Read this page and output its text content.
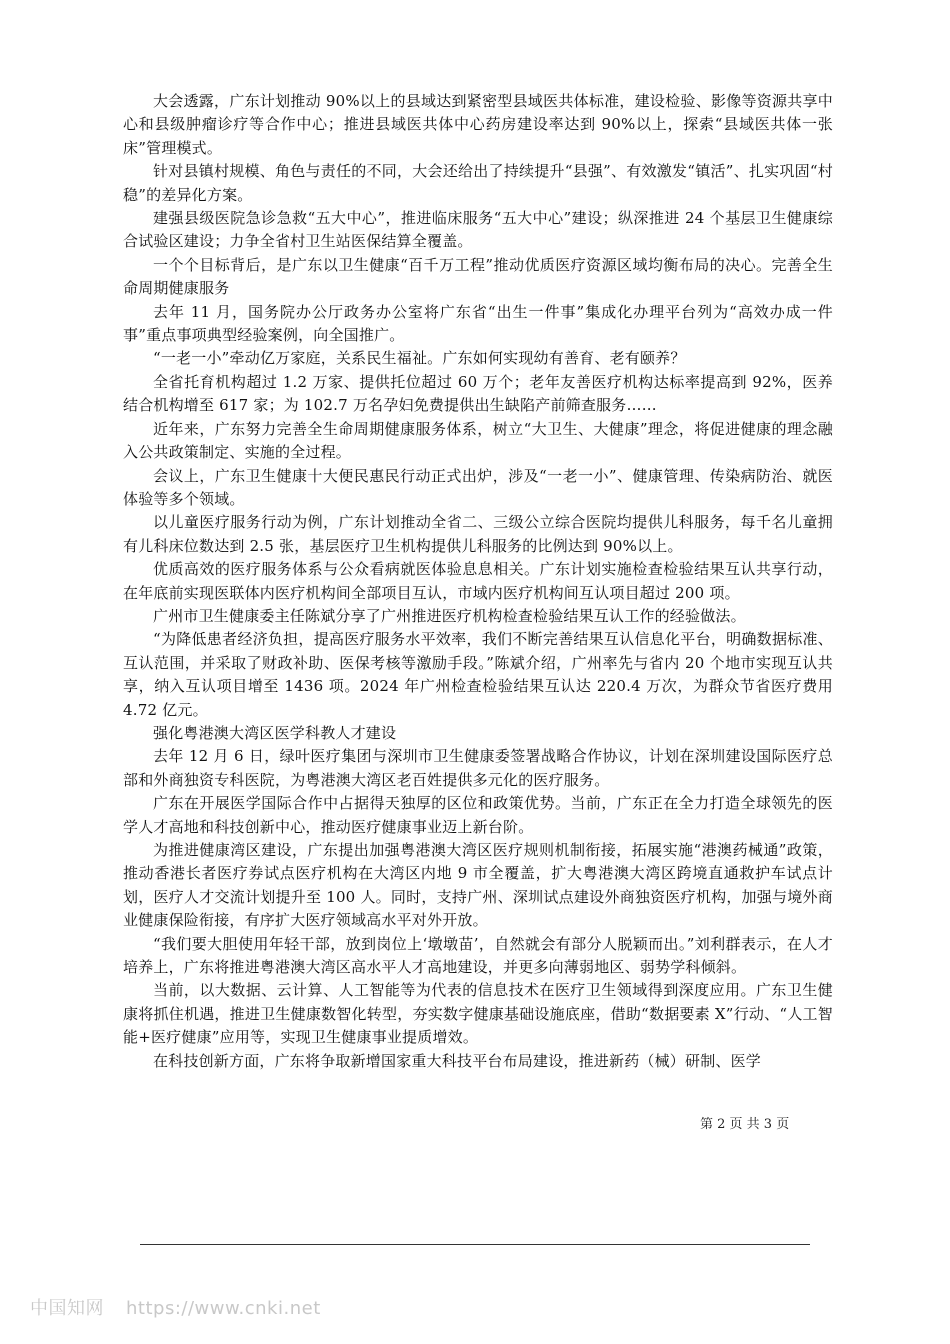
大会透露，广东计划推动 90%以上的县域达到紧密型县域医共体标准，建设检验、影像等资源共享中心和县级肿瘤诊疗等合作中心；推进县域医共体中心药房建设率达到 90%以上，探索“县域医共体一张床”管理模式。

针对县镇村规模、角色与责任的不同，大会还给出了持续提升“县强”、有效激发“镇活”、扎实巩固“村稳”的差异化方案。

建强县级医院急诊急救“五大中心”，推进临床服务“五大中心”建设；纵深推进 24 个基层卫生健康综合试验区建设；力争全省村卫生站医保结算全覆盖。

一个个目标背后，是广东以卫生健康“百千万工程”推动优质医疗资源区域均衡布局的决心。完善全生命周期健康服务

去年 11 月，国务院办公厅政务办公室将广东省“出生一件事”集成化办理平台列为“高效办成一件事”重点事项典型经验案例，向全国推广。

“一老一小”牵动亿万家庭，关系民生福祉。广东如何实现幼有善育、老有颐养？

全省托育机构超过 1.2 万家、提供托位超过 60 万个；老年友善医疗机构达标率提高到 92%，医养结合机构增至 617 家；为 102.7 万名孕妇免费提供出生缺陷产前筛查服务……

近年来，广东努力完善全生命周期健康服务体系，树立“大卫生、大健康”理念，将促进健康的理念融入公共政策制定、实施的全过程。

会议上，广东卫生健康十大便民惠民行动正式出炉，涉及“一老一小”、健康管理、传染病防治、就医体验等多个领域。

以儿童医疗服务行动为例，广东计划推动全省二、三级公立综合医院均提供儿科服务，每千名儿童拥有儿科床位数达到 2.5 张，基层医疗卫生机构提供儿科服务的比例达到 90%以上。

优质高效的医疗服务体系与公众看病就医体验息息相关。广东计划实施检查检验结果互认共享行动，在年底前实现医联体内医疗机构间全部项目互认，市域内医疗机构间互认项目超过 200 项。

广州市卫生健康委主任陈斌分享了广州推进医疗机构检查检验结果互认工作的经验做法。

“为降低患者经济负担，提高医疗服务水平效率，我们不断完善结果互认信息化平台，明确数据标准、互认范围，并采取了财政补助、医保考核等激励手段。”陈斌介绍，广州率先与省内 20 个地市实现互认共享，纳入互认项目增至 1436 项。2024 年广州检查检验结果互认达 220.4 万次，为群众节省医疗费用 4.72 亿元。

强化粤港澳大湾区医学科教人才建设

去年 12 月 6 日，绿叶医疗集团与深圳市卫生健康委签署战略合作协议，计划在深圳建设国际医疗总部和外商独资专科医院，为粤港澳大湾区老百姓提供多元化的医疗服务。

广东在开展医学国际合作中占据得天独厚的区位和政策优势。当前，广东正在全力打造全球领先的医学人才高地和科技创新中心，推动医疗健康事业迈上新台阶。

为推进健康湾区建设，广东提出加强粤港澳大湾区医疗规则机制衔接，拓展实施“港澳药械通”政策，推动香港长者医疗券试点医疗机构在大湾区内地 9 市全覆盖，扩大粤港澳大湾区跨境直通救护车试点计划，医疗人才交流计划提升至 100 人。同时，支持广州、深圳试点建设外商独资医疗机构，加强与境外商业健康保险衔接，有序扩大医疗领域高水平对外开放。

“我们要大胆使用年轻干部，放到岗位上‘墩墩苗’，自然就会有部分人脱颖而出。”刘利群表示，在人才培养上，广东将推进粤港澳大湾区高水平人才高地建设，并更多向薄弱地区、弱势学科倾斜。

当前，以大数据、云计算、人工智能等为代表的信息技术在医疗卫生领域得到深度应用。广东卫生健康将抓住机遇，推进卫生健康数智化转型，夯实数字健康基础设施底座，借助“数据要素 X”行动、“人工智能+医疗健康”应用等，实现卫生健康事业提质增效。

在科技创新方面，广东将争取新增国家重大科技平台布局建设，推进新药（械）研制、医学

第 2 页 共 3 页
中国知网 https://www.cnki.net
